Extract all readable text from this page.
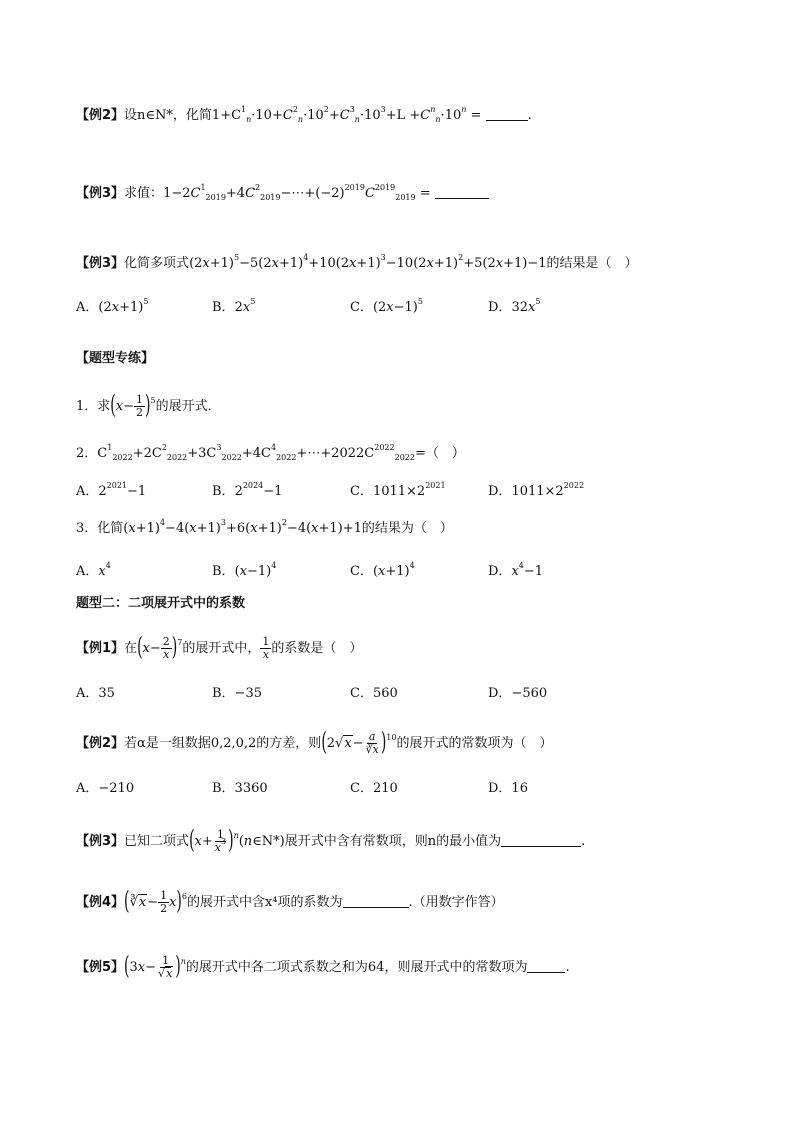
【例2】设n∈N*，化简$1+C^1_n\cdot 10+C^2_n\cdot 10^2+C^3_n\cdot 10^3+L +C^n_n\cdot 10^n$ =	.
【例3】求值：$1-2C^1_{2019}+4C^2_{2019}-\cdots+(-2)^{2019}C^{2019}_{2019}$ =
【例3】化简多项式$(2x+1)^5-5(2x+1)^4+10(2x+1)^3-10(2x+1)^2+5(2x+1)-1$的结果是（　）
A．$(2x+1)^5$	B．$2x^5$	C．$(2x-1)^5$	D．$32x^5$
【题型专练】
1．求$(x- \frac{1}{2} )^5$的展开式．
2．$C^1_{2022}+2C^2_{2022}+3C^3_{2022}+4C^4_{2022}+\cdots+2022C^{2022}_{2022}=$（　）
A．$2^{2021}-1$	B．$2^{2024}-1$	C．$1011\times 2^{2021}$	D．$1011\times 2^{2022}$
3．化简$(x+1)^4-4(x+1)^3+6(x+1)^2-4(x+1)+1$的结果为（　）
A．$x^4$	B．$(x-1)^4$	C．$(x+1)^4$	D．$x^4-1$
题型二：二项展开式中的系数
【例1】在$(x- \frac{2}{x} )^7$的展开式中， $\frac{1}{x}$ 的系数是（　）
A．35	B．−35	C．560	D．−560
【例2】若α是一组数据0,2,0,2的方差，则$(2√x- \frac{a}{∛x} )^{10}$的展开式的常数项为（　）
A．−210	B．3360	C．210	D．16
【例3】已知二项式($x+ \frac{1}{x^3}$ )$^n(n\in N*)$展开式中含有常数项，则n的最小值为	.
【例4】(∛x− $\frac{1}{2} x)^6$的展开式中含x⁴项的系数为	.（用数字作答）
【例5】$(3x- \frac{1}{√x} )^n$的展开式中各二项式系数之和为64，则展开式中的常数项为	.
